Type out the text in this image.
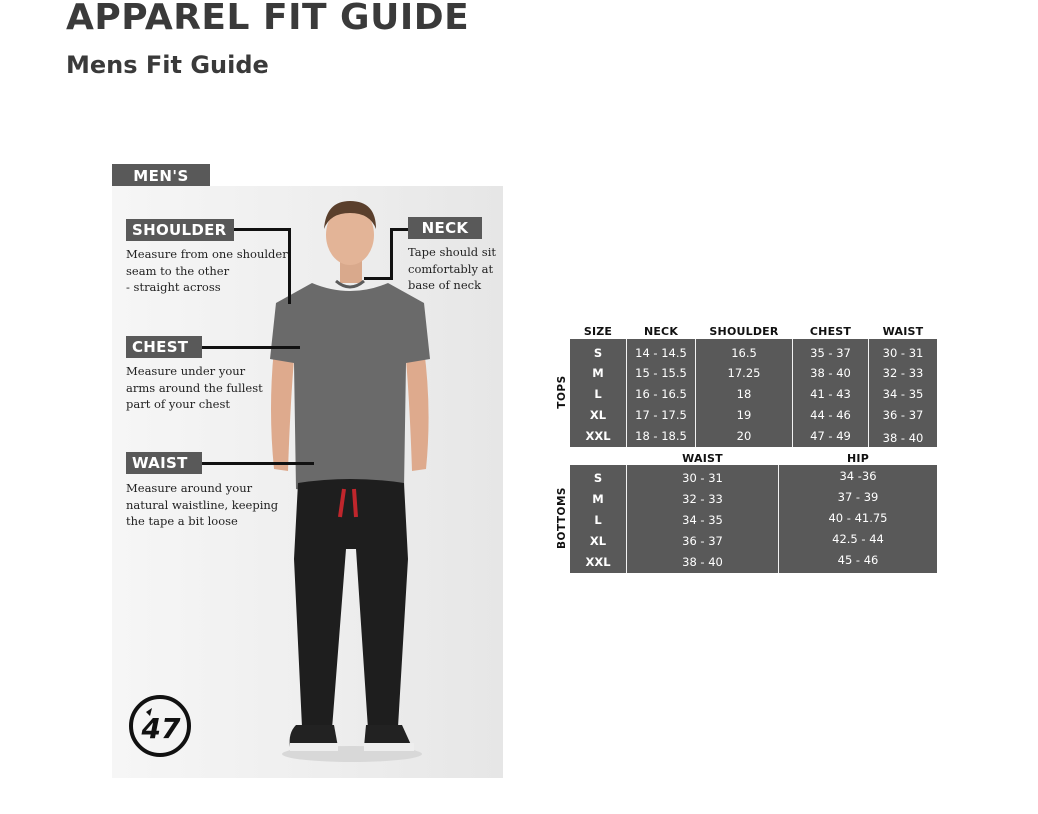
APPAREL FIT GUIDE
Mens Fit Guide
MEN'S
SHOULDER
Measure from one shoulder
seam to the other
- straight across
NECK
Tape should sit
comfortably at
base of neck
CHEST
Measure under your
arms around the fullest
part of your chest
WAIST
Measure around your
natural waistline, keeping
the tape a bit loose
47
SIZE	NECK	SHOULDER	CHEST	WAIST
TOPS
S	14 - 14.5	16.5	35 - 37	30 - 31
M	15 - 15.5	17.25	38 - 40	32 - 33
L	16 - 16.5	18	41 - 43	34 - 35
XL	17 - 17.5	19	44 - 46	36 - 37
XXL	18 - 18.5	20	47 - 49	38 - 40
WAIST	HIP
BOTTOMS
S	30 - 31	34 -36
M	32 - 33	37 - 39
L	34 - 35	40 - 41.75
XL	36 - 37	42.5 - 44
XXL	38 - 40	45 - 46
